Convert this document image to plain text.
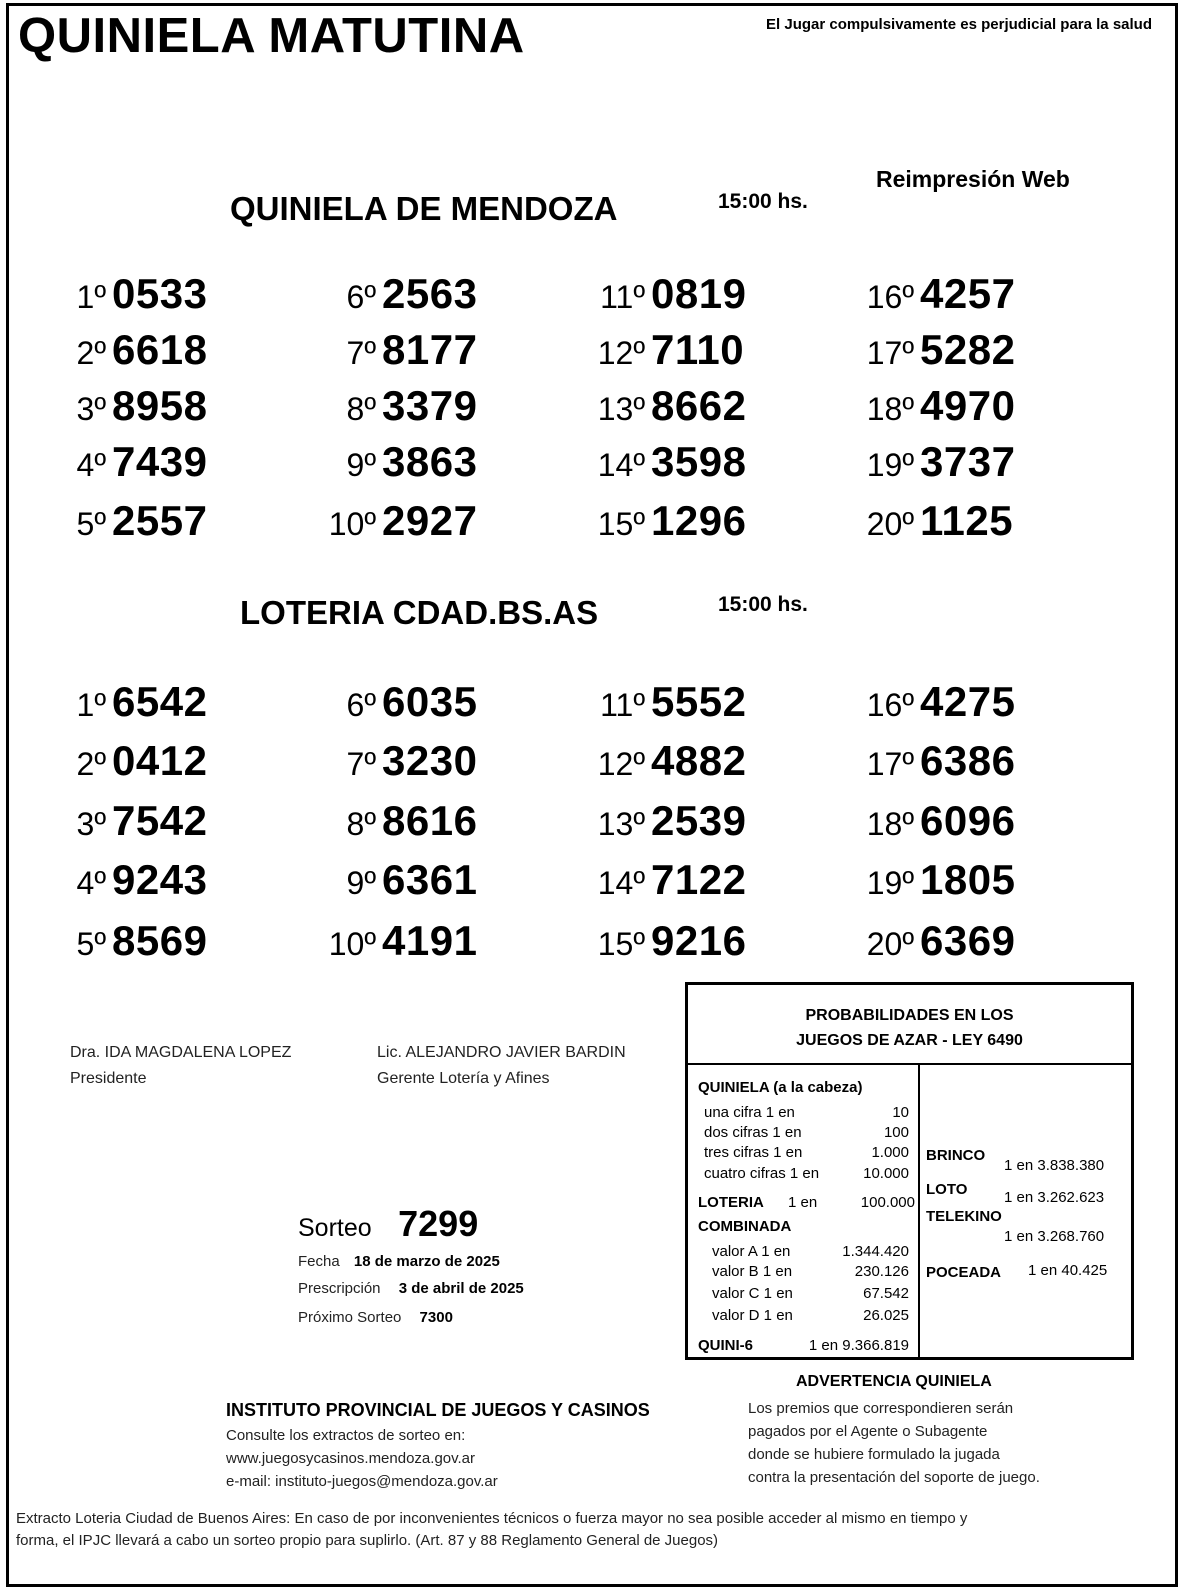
QUINIELA MATUTINA	El Jugar compulsivamente es perjudicial para la salud
Reimpresión Web
QUINIELA DE MENDOZA	15:00 hs.
1º 0533
2º 6618
3º 8958
4º 7439
5º 2557
6º 2563
7º 8177
8º 3379
9º 3863
10º 2927
11º 0819
12º 7110
13º 8662
14º 3598
15º 1296
16º 4257
17º 5282
18º 4970
19º 3737
20º 1125
LOTERIA CDAD.BS.AS	15:00 hs.
1º 6542
2º 0412
3º 7542
4º 9243
5º 8569
6º 6035
7º 3230
8º 8616
9º 6361
10º 4191
11º 5552
12º 4882
13º 2539
14º 7122
15º 9216
16º 4275
17º 6386
18º 6096
19º 1805
20º 6369
Dra. IDA MAGDALENA LOPEZ
Presidente
Lic. ALEJANDRO JAVIER BARDIN
Gerente Lotería y Afines
Sorteo 7299
Fecha 18 de marzo de 2025
Prescripción 3 de abril de 2025
Próximo Sorteo 7300
PROBABILIDADES EN LOS
JUEGOS DE AZAR - LEY 6490
QUINIELA (a la cabeza)
una cifra 1 en	10
dos cifras 1 en	100
tres cifras 1 en	1.000
cuatro cifras 1 en	10.000
LOTERIA 1 en	100.000
COMBINADA
valor A 1 en	1.344.420
valor B 1 en	230.126
valor C 1 en	67.542
valor D 1 en	26.025
QUINI-6	1 en 9.366.819
BRINCO
1 en 3.838.380
LOTO 1 en 3.262.623
TELEKINO
1 en 3.268.760
POCEADA 1 en 40.425
ADVERTENCIA QUINIELA
Los premios que correspondieren serán
pagados por el Agente o Subagente
donde se hubiere formulado la jugada
contra la presentación del soporte de juego.
INSTITUTO PROVINCIAL DE JUEGOS Y CASINOS
Consulte los extractos de sorteo en:
www.juegosycasinos.mendoza.gov.ar
e-mail: instituto-juegos@mendoza.gov.ar
Extracto Loteria Ciudad de Buenos Aires: En caso de por inconvenientes técnicos o fuerza mayor no sea posible acceder al mismo en tiempo y
forma, el IPJC llevará a cabo un sorteo propio para suplirlo. (Art. 87 y 88 Reglamento General de Juegos)
